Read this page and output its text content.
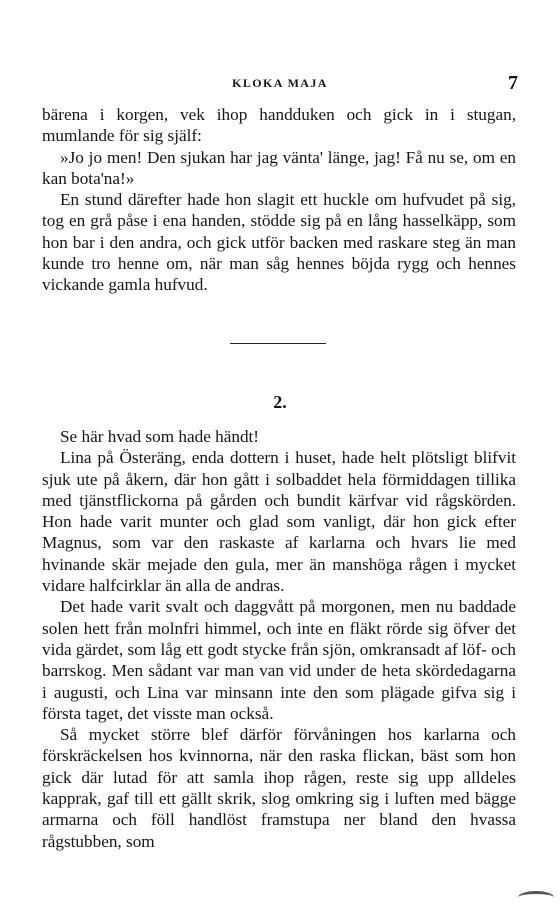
KLOKA MAJA	7

bärena i korgen, vek ihop handduken och gick in i stugan, mumlande för sig själf:

»Jo jo men! Den sjukan har jag vänta' länge, jag! Få nu se, om en kan bota'na!»

En stund därefter hade hon slagit ett huckle om hufvudet på sig, tog en grå påse i ena handen, stödde sig på en lång hasselkäpp, som hon bar i den andra, och gick utför backen med raskare steg än man kunde tro henne om, när man såg hennes böjda rygg och hennes vickande gamla hufvud.

2.

Se här hvad som hade händt!

Lina på Österäng, enda dottern i huset, hade helt plötsligt blifvit sjuk ute på åkern, där hon gått i solbaddet hela förmiddagen tillika med tjänstflickorna på gården och bundit kärfvar vid rågskörden. Hon hade varit munter och glad som vanligt, där hon gick efter Magnus, som var den raskaste af karlarna och hvars lie med hvinande skär mejade den gula, mer än manshöga rågen i mycket vidare halfcirklar än alla de andras.

Det hade varit svalt och daggvått på morgonen, men nu baddade solen hett från molnfri himmel, och inte en fläkt rörde sig öfver det vida gärdet, som låg ett godt stycke från sjön, omkransadt af löf- och barrskog. Men sådant var man van vid under de heta skördedagarna i augusti, och Lina var minsann inte den som plägade gifva sig i första taget, det visste man också.

Så mycket större blef därför förvåningen hos karlarna och förskräckelsen hos kvinnorna, när den raska flickan, bäst som hon gick där lutad för att samla ihop rågen, reste sig upp alldeles kapprak, gaf till ett gällt skrik, slog omkring sig i luften med bägge armarna och föll handlöst framstupa ner bland den hvassa rågstubben, som
